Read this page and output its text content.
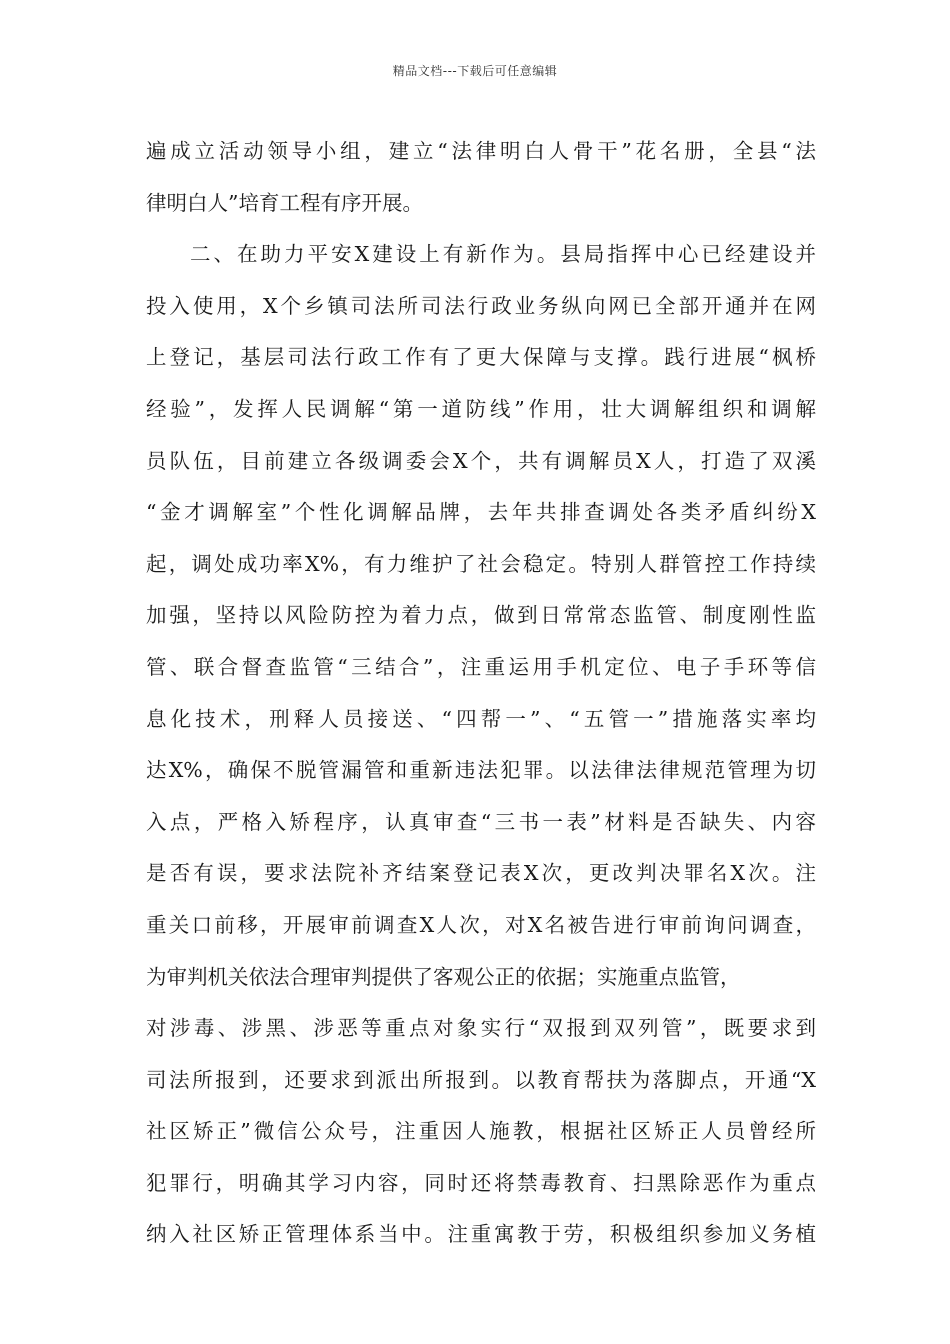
精品文档---下载后可任意编辑
遍成立活动领导小组，建立“法律明白人骨干”花名册，全县“法
律明白人”培育工程有序开展。
二、在助力平安X建设上有新作为。县局指挥中心已经建设并
投入使用，X个乡镇司法所司法行政业务纵向网已全部开通并在网
上登记，基层司法行政工作有了更大保障与支撑。践行进展“枫桥
经验”，发挥人民调解“第一道防线”作用，壮大调解组织和调解
员队伍，目前建立各级调委会X个，共有调解员X人，打造了双溪
“金才调解室”个性化调解品牌，去年共排查调处各类矛盾纠纷X
起，调处成功率X%，有力维护了社会稳定。特别人群管控工作持续
加强，坚持以风险防控为着力点，做到日常常态监管、制度刚性监
管、联合督查监管“三结合”，注重运用手机定位、电子手环等信
息化技术，刑释人员接送、“四帮一”、“五管一”措施落实率均
达X%，确保不脱管漏管和重新违法犯罪。以法律法律规范管理为切
入点，严格入矫程序，认真审查“三书一表”材料是否缺失、内容
是否有误，要求法院补齐结案登记表X次，更改判决罪名X次。注
重关口前移，开展审前调查X人次，对X名被告进行审前询问调查，
为审判机关依法合理审判提供了客观公正的依据；实施重点监管，
对涉毒、涉黑、涉恶等重点对象实行“双报到双列管”，既要求到
司法所报到，还要求到派出所报到。以教育帮扶为落脚点，开通“X
社区矫正”微信公众号，注重因人施教，根据社区矫正人员曾经所
犯罪行，明确其学习内容，同时还将禁毒教育、扫黑除恶作为重点
纳入社区矫正管理体系当中。注重寓教于劳，积极组织参加义务植
